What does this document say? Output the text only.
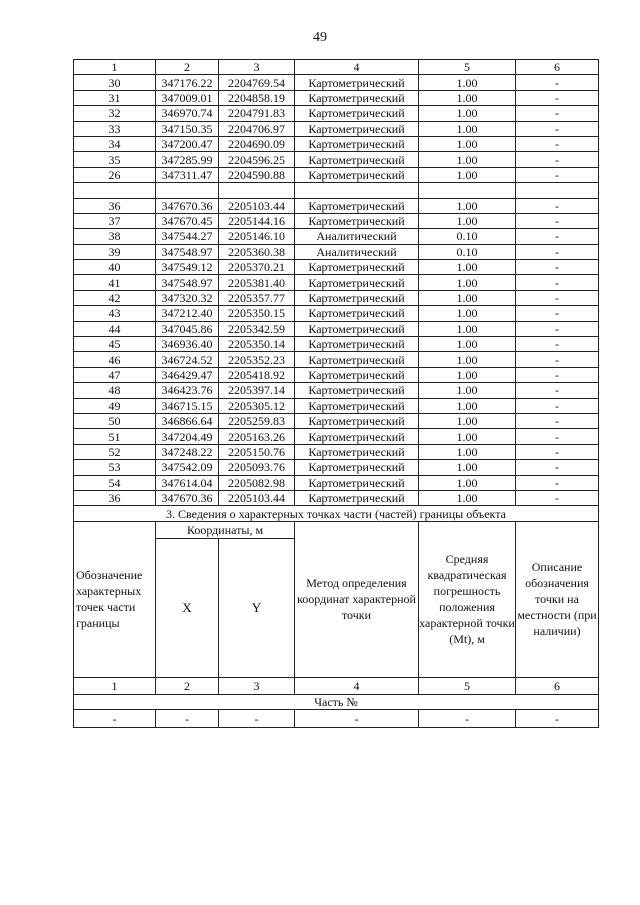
49
1	2	3	4	5	6
30	347176.22	2204769.54	Картометрический	1.00	-
31	347009.01	2204858.19	Картометрический	1.00	-
32	346970.74	2204791.83	Картометрический	1.00	-
33	347150.35	2204706.97	Картометрический	1.00	-
34	347200.47	2204690.09	Картометрический	1.00	-
35	347285.99	2204596.25	Картометрический	1.00	-
26	347311.47	2204590.88	Картометрический	1.00	-

36	347670.36	2205103.44	Картометрический	1.00	-
37	347670.45	2205144.16	Картометрический	1.00	-
38	347544.27	2205146.10	Аналитический	0.10	-
39	347548.97	2205360.38	Аналитический	0.10	-
40	347549.12	2205370.21	Картометрический	1.00	-
41	347548.97	2205381.40	Картометрический	1.00	-
42	347320.32	2205357.77	Картометрический	1.00	-
43	347212.40	2205350.15	Картометрический	1.00	-
44	347045.86	2205342.59	Картометрический	1.00	-
45	346936.40	2205350.14	Картометрический	1.00	-
46	346724.52	2205352.23	Картометрический	1.00	-
47	346429.47	2205418.92	Картометрический	1.00	-
48	346423.76	2205397.14	Картометрический	1.00	-
49	346715.15	2205305.12	Картометрический	1.00	-
50	346866.64	2205259.83	Картометрический	1.00	-
51	347204.49	2205163.26	Картометрический	1.00	-
52	347248.22	2205150.76	Картометрический	1.00	-
53	347542.09	2205093.76	Картометрический	1.00	-
54	347614.04	2205082.98	Картометрический	1.00	-
36	347670.36	2205103.44	Картометрический	1.00	-
3. Сведения о характерных точках части (частей) границы объекта					
Обозначение характерных точек части границы	Координаты, м		Метод определения координат характерной точки	Средняя квадратическая погрешность положения характерной точки (Mt), м	Описание обозначения точки на местности (при наличии)
	X	Y			
1	2	3	4	5	6
Часть №					
-	-	-	-	-	-
